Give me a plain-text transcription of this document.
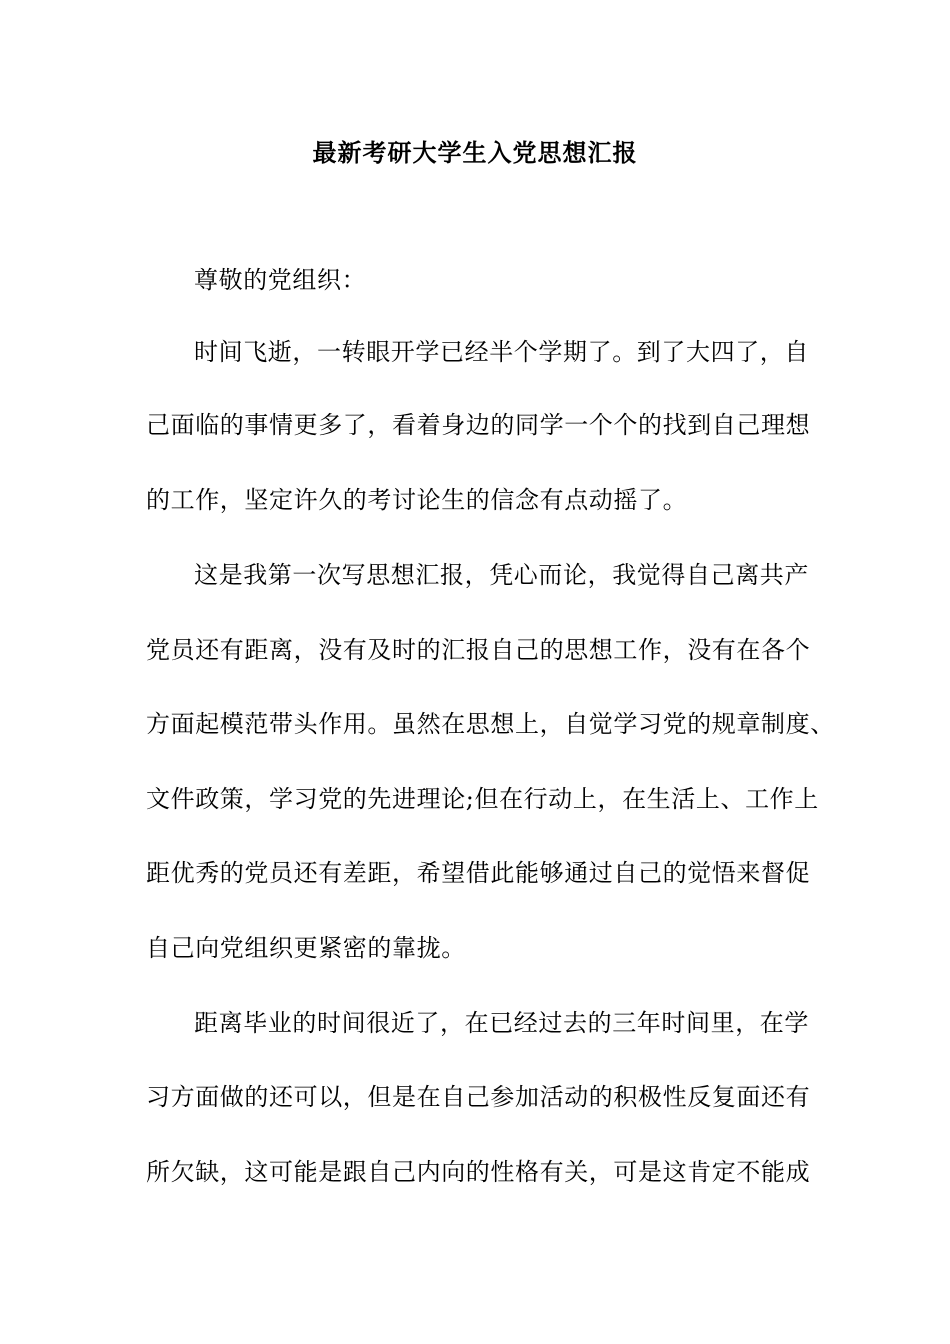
最新考研大学生入党思想汇报
尊敬的党组织：
时间飞逝，一转眼开学已经半个学期了。到了大四了，自
己面临的事情更多了，看着身边的同学一个个的找到自己理想
的工作，坚定许久的考讨论生的信念有点动摇了。
这是我第一次写思想汇报，凭心而论，我觉得自己离共产
党员还有距离，没有及时的汇报自己的思想工作，没有在各个
方面起模范带头作用。虽然在思想上，自觉学习党的规章制度、
文件政策，学习党的先进理论;但在行动上，在生活上、工作上
距优秀的党员还有差距，希望借此能够通过自己的觉悟来督促
自己向党组织更紧密的靠拢。
距离毕业的时间很近了，在已经过去的三年时间里，在学
习方面做的还可以，但是在自己参加活动的积极性反复面还有
所欠缺，这可能是跟自己内向的性格有关，可是这肯定不能成
